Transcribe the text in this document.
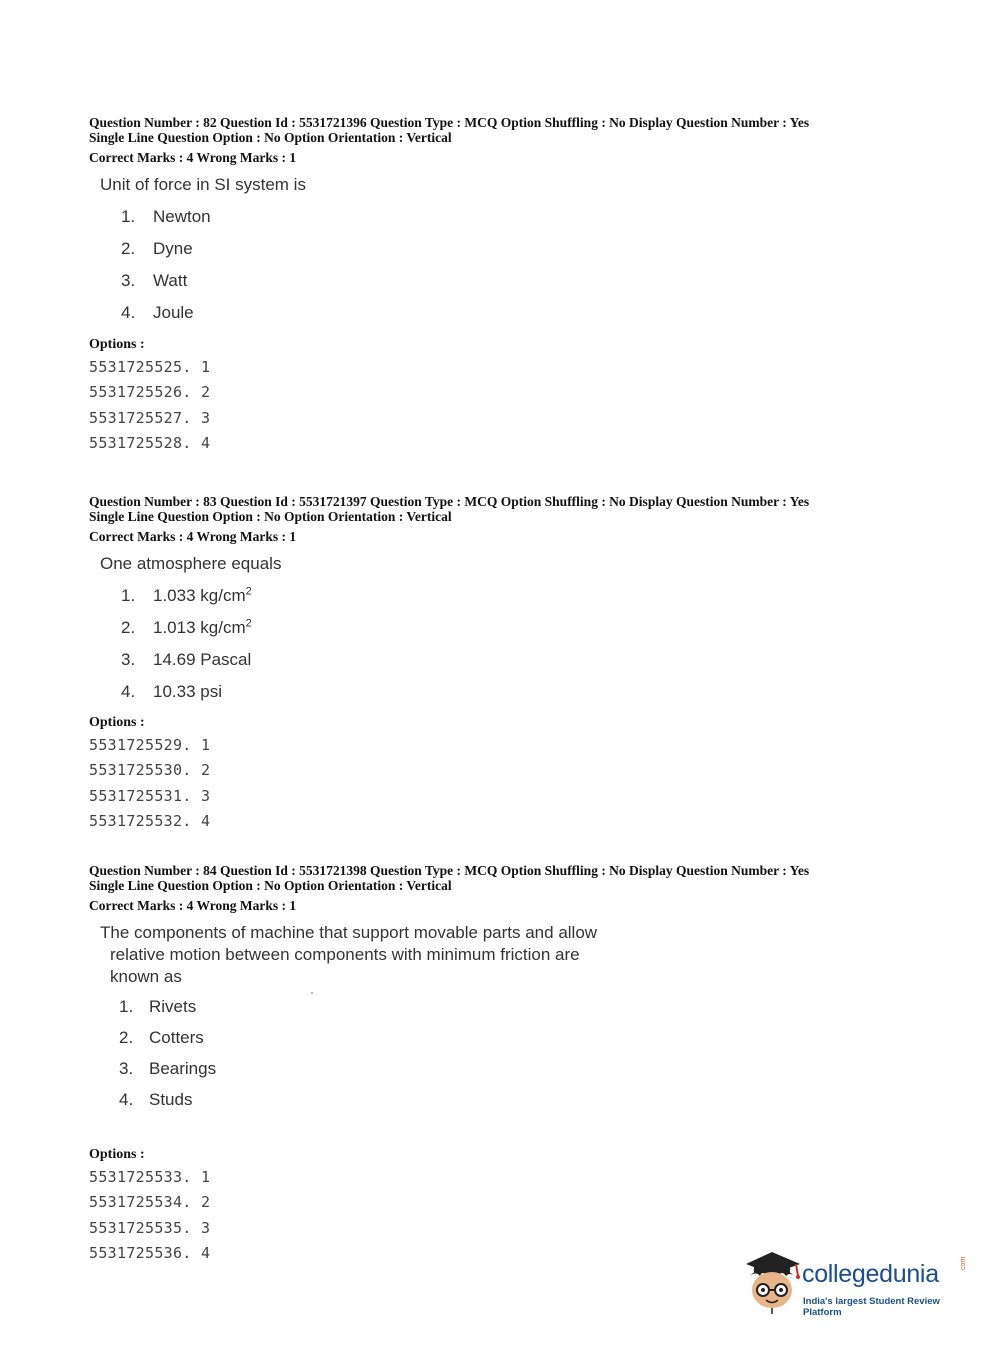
Question Number : 82 Question Id : 5531721396 Question Type : MCQ Option Shuffling : No Display Question Number : Yes
Single Line Question Option : No Option Orientation : Vertical
Correct Marks : 4 Wrong Marks : 1
Unit of force in SI system is
1. Newton
2. Dyne
3. Watt
4. Joule
Options :
5531725525. 1
5531725526. 2
5531725527. 3
5531725528. 4
Question Number : 83 Question Id : 5531721397 Question Type : MCQ Option Shuffling : No Display Question Number : Yes
Single Line Question Option : No Option Orientation : Vertical
Correct Marks : 4 Wrong Marks : 1
One atmosphere equals
1. 1.033 $kg/cm^2$
2. 1.013 $kg/cm^2$
3. 14.69 Pascal
4. 10.33 psi
Options :
5531725529. 1
5531725530. 2
5531725531. 3
5531725532. 4
Question Number : 84 Question Id : 5531721398 Question Type : MCQ Option Shuffling : No Display Question Number : Yes
Single Line Question Option : No Option Orientation : Vertical
Correct Marks : 4 Wrong Marks : 1
The components of machine that support movable parts and allow
relative motion between components with minimum friction are
known as
1. Rivets
2. Cotters
3. Bearings
4. Studs
Options :
5531725533. 1
5531725534. 2
5531725535. 3
5531725536. 4
·
collegedunia	.com
India's largest Student Review Platform
